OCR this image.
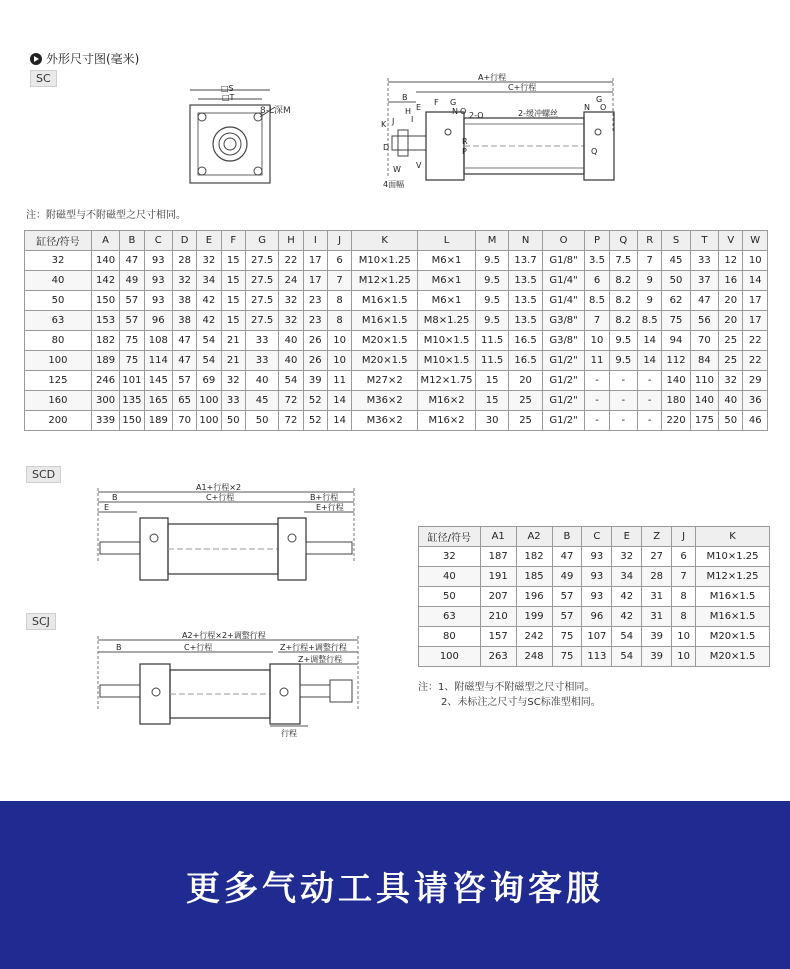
外形尺寸图(毫米)
SC
□S
□T
8-L深M
A+行程
C+行程
B
E
F G
H
I
N O 2-O	2-缓冲螺丝
G
N O
K J
D	P
R
Q
W V
4面幅
注：附磁型与不附磁型之尺寸相同。
缸径/符号	A	B	C	D	E	F	G	H	I	J	K	L	M	N	O	P	Q	R	S	T	V	W
32	140	47	93	28	32	15	27.5	22	17	6	M10×1.25	M6×1	9.5	13.7	G1/8"	3.5	7.5	7	45	33	12	10
40	142	49	93	32	34	15	27.5	24	17	7	M12×1.25	M6×1	9.5	13.5	G1/4"	6	8.2	9	50	37	16	14
50	150	57	93	38	42	15	27.5	32	23	8	M16×1.5	M6×1	9.5	13.5	G1/4"	8.5	8.2	9	62	47	20	17
63	153	57	96	38	42	15	27.5	32	23	8	M16×1.5	M8×1.25	9.5	13.5	G3/8"	7	8.2	8.5	75	56	20	17
80	182	75	108	47	54	21	33	40	26	10	M20×1.5	M10×1.5	11.5	16.5	G3/8"	10	9.5	14	94	70	25	22
100	189	75	114	47	54	21	33	40	26	10	M20×1.5	M10×1.5	11.5	16.5	G1/2"	11	9.5	14	112	84	25	22
125	246	101	145	57	69	32	40	54	39	11	M27×2	M12×1.75	15	20	G1/2"	-	-	-	140	110	32	29
160	300	135	165	65	100	33	45	72	52	14	M36×2	M16×2	15	25	G1/2"	-	-	-	180	140	40	36
200	339	150	189	70	100	50	50	72	52	14	M36×2	M16×2	30	25	G1/2"	-	-	-	220	175	50	46
SCD
A1+行程×2
C+行程
B
E
B+行程
E+行程
SCJ
A2+行程×2+调整行程
C+行程
B	Z+行程+调整行程
Z+调整行程
行程
缸径/符号	A1	A2	B	C	E	Z	J	K
32	187	182	47	93	32	27	6	M10×1.25
40	191	185	49	93	34	28	7	M12×1.25
50	207	196	57	93	42	31	8	M16×1.5
63	210	199	57	96	42	31	8	M16×1.5
80	157	242	75	107	54	39	10	M20×1.5
100	263	248	75	113	54	39	10	M20×1.5
注：1、附磁型与不附磁型之尺寸相同。
2、未标注之尺寸与SC标准型相同。
更多气动工具请咨询客服
